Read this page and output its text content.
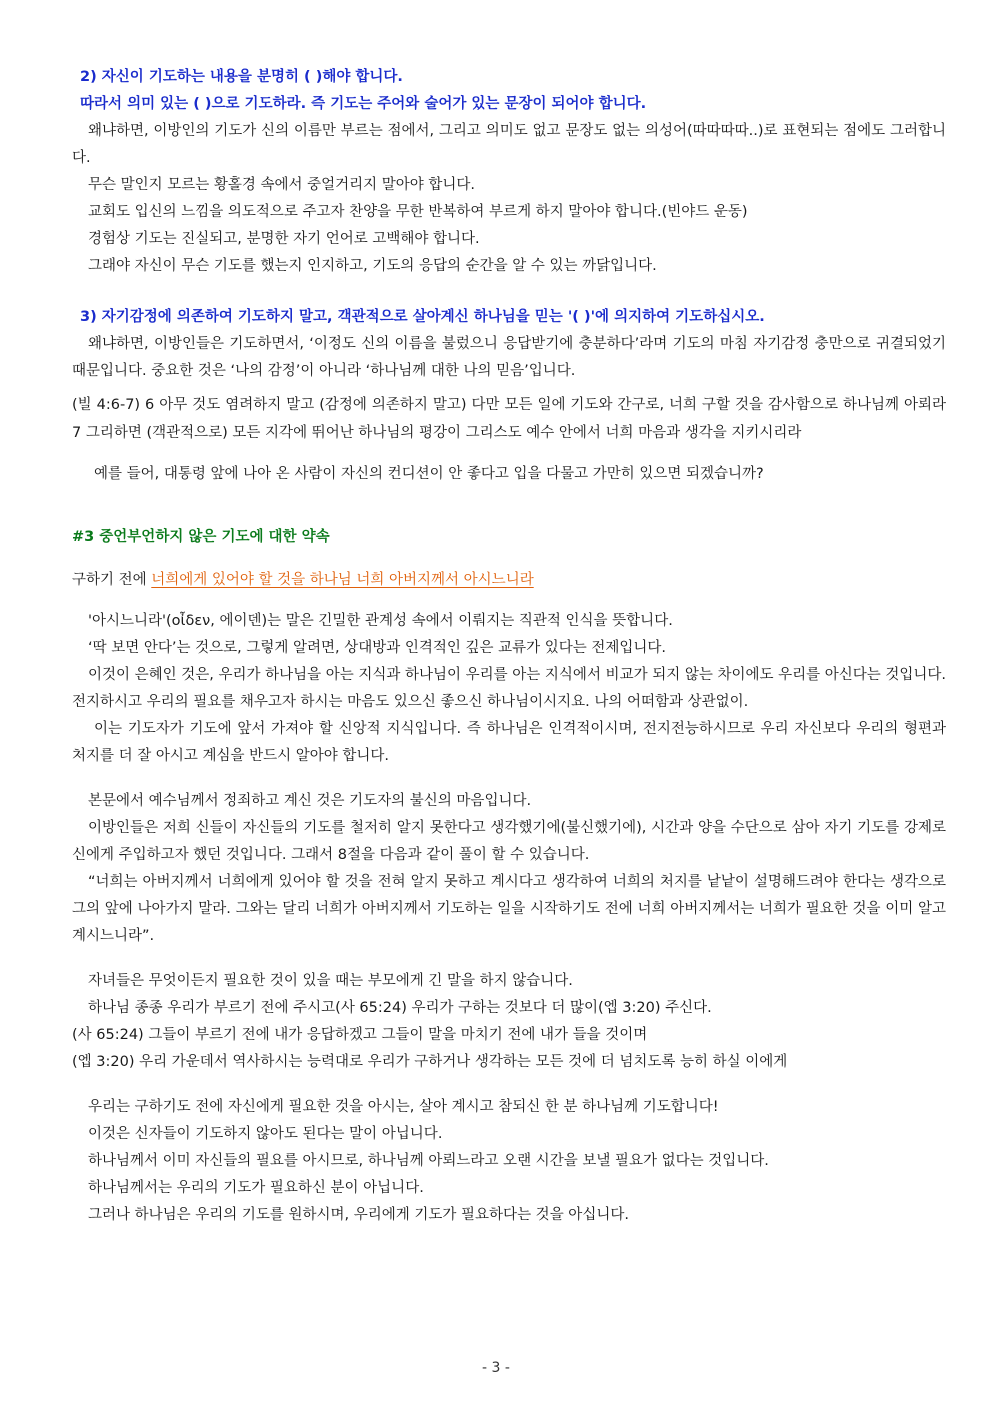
2) 자신이 기도하는 내용을 분명히 ( )해야 합니다.

따라서 의미 있는 ( )으로 기도하라. 즉 기도는 주어와 술어가 있는 문장이 되어야 합니다.

왜냐하면, 이방인의 기도가 신의 이름만 부르는 점에서, 그리고 의미도 없고 문장도 없는 의성어(따따따따..)로 표현되는 점에도 그러합니다.

무슨 말인지 모르는 황홀경 속에서 중얼거리지 말아야 합니다.

교회도 입신의 느낌을 의도적으로 주고자 찬양을 무한 반복하여 부르게 하지 말아야 합니다.(빈야드 운동)

경험상 기도는 진실되고, 분명한 자기 언어로 고백해야 합니다.

그래야 자신이 무슨 기도를 했는지 인지하고, 기도의 응답의 순간을 알 수 있는 까닭입니다.

3) 자기감정에 의존하여 기도하지 말고, 객관적으로 살아계신 하나님을 믿는 '( )'에 의지하여 기도하십시오.

왜냐하면, 이방인들은 기도하면서, ‘이정도 신의 이름을 불렀으니 응답받기에 충분하다’라며 기도의 마침 자기감정 충만으로 귀결되었기 때문입니다. 중요한 것은 ‘나의 감정’이 아니라 ‘하나님께 대한 나의 믿음’입니다.

(빌 4:6-7) 6 아무 것도 염려하지 말고 (감정에 의존하지 말고) 다만 모든 일에 기도와 간구로, 너희 구할 것을 감사함으로 하나님께 아뢰라 7 그리하면 (객관적으로) 모든 지각에 뛰어난 하나님의 평강이 그리스도 예수 안에서 너희 마음과 생각을 지키시리라

예를 들어, 대통령 앞에 나아 온 사람이 자신의 컨디션이 안 좋다고 입을 다물고 가만히 있으면 되겠습니까?

#3 중언부언하지 않은 기도에 대한 약속

구하기 전에 너희에게 있어야 할 것을 하나님 너희 아버지께서 아시느니라

'아시느니라'(οἶδεν, 에이덴)는 말은 긴밀한 관계성 속에서 이뤄지는 직관적 인식을 뜻합니다.

‘딱 보면 안다’는 것으로, 그렇게 알려면, 상대방과 인격적인 깊은 교류가 있다는 전제입니다.

이것이 은혜인 것은, 우리가 하나님을 아는 지식과 하나님이 우리를 아는 지식에서 비교가 되지 않는 차이에도 우리를 아신다는 것입니다. 전지하시고 우리의 필요를 채우고자 하시는 마음도 있으신 좋으신 하나님이시지요. 나의 어떠함과 상관없이.

이는 기도자가 기도에 앞서 가져야 할 신앙적 지식입니다. 즉 하나님은 인격적이시며, 전지전능하시므로 우리 자신보다 우리의 형편과 처지를 더 잘 아시고 계심을 반드시 알아야 합니다.

본문에서 예수님께서 정죄하고 계신 것은 기도자의 불신의 마음입니다.

이방인들은 저희 신들이 자신들의 기도를 철저히 알지 못한다고 생각했기에(불신했기에), 시간과 양을 수단으로 삼아 자기 기도를 강제로 신에게 주입하고자 했던 것입니다. 그래서 8절을 다음과 같이 풀이 할 수 있습니다.

“너희는 아버지께서 너희에게 있어야 할 것을 전혀 알지 못하고 계시다고 생각하여 너희의 처지를 낱낱이 설명해드려야 한다는 생각으로 그의 앞에 나아가지 말라. 그와는 달리 너희가 아버지께서 기도하는 일을 시작하기도 전에 너희 아버지께서는 너희가 필요한 것을 이미 알고 계시느니라”.

자녀들은 무엇이든지 필요한 것이 있을 때는 부모에게 긴 말을 하지 않습니다.

하나님 종종 우리가 부르기 전에 주시고(사 65:24) 우리가 구하는 것보다 더 많이(엡 3:20) 주신다.

(사 65:24) 그들이 부르기 전에 내가 응답하겠고 그들이 말을 마치기 전에 내가 들을 것이며

(엡 3:20) 우리 가운데서 역사하시는 능력대로 우리가 구하거나 생각하는 모든 것에 더 넘치도록 능히 하실 이에게

우리는 구하기도 전에 자신에게 필요한 것을 아시는, 살아 계시고 참되신 한 분 하나님께 기도합니다!

이것은 신자들이 기도하지 않아도 된다는 말이 아닙니다.

하나님께서 이미 자신들의 필요를 아시므로, 하나님께 아뢰느라고 오랜 시간을 보낼 필요가 없다는 것입니다.

하나님께서는 우리의 기도가 필요하신 분이 아닙니다.

그러나 하나님은 우리의 기도를 원하시며, 우리에게 기도가 필요하다는 것을 아십니다.

- 3 -
